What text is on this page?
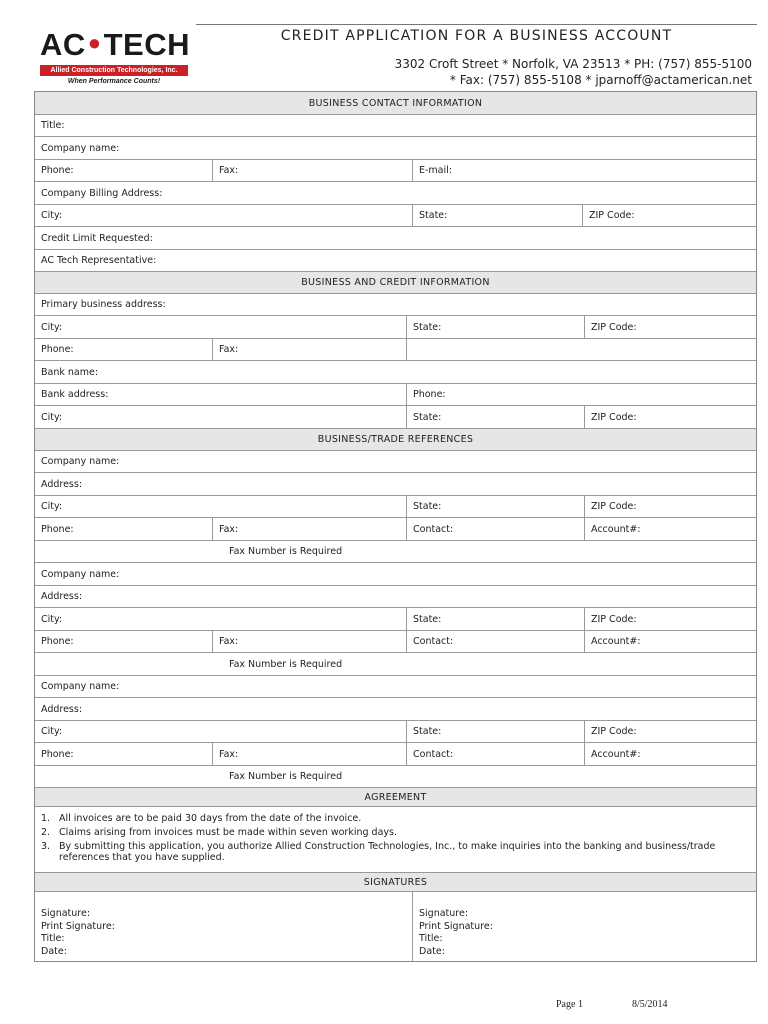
AC●TECH
Allied Construction Technologies, Inc.
When Performance Counts!
CREDIT APPLICATION FOR A BUSINESS ACCOUNT
3302 Croft Street * Norfolk, VA 23513 * PH: (757) 855-5100
* Fax: (757) 855-5108 * jparnoff@actamerican.net
BUSINESS CONTACT INFORMATION
Title:
Company name:
Phone:	Fax:	E-mail:
Company Billing Address:
City:	State:	ZIP Code:
Credit Limit Requested:
AC Tech Representative:
BUSINESS AND CREDIT INFORMATION
Primary business address:
City:	State:	ZIP Code:
Phone:	Fax:
Bank name:
Bank address:	Phone:
City:	State:	ZIP Code:
BUSINESS/TRADE REFERENCES
Company name:
Address:
City:	State:	ZIP Code:
Phone:	Fax:	Contact:	Account#:
Fax Number is Required
Company name:
Address:
City:	State:	ZIP Code:
Phone:	Fax:	Contact:	Account#:
Fax Number is Required
Company name:
Address:
City:	State:	ZIP Code:
Phone:	Fax:	Contact:	Account#:
Fax Number is Required
AGREEMENT
1. All invoices are to be paid 30 days from the date of the invoice.
2. Claims arising from invoices must be made within seven working days.
3. By submitting this application, you authorize Allied Construction Technologies, Inc., to make inquiries into the banking and business/trade references that you have supplied.
SIGNATURES
Signature:
Print Signature:
Title:
Date:
Signature:
Print Signature:
Title:
Date:
Page 1	8/5/2014
